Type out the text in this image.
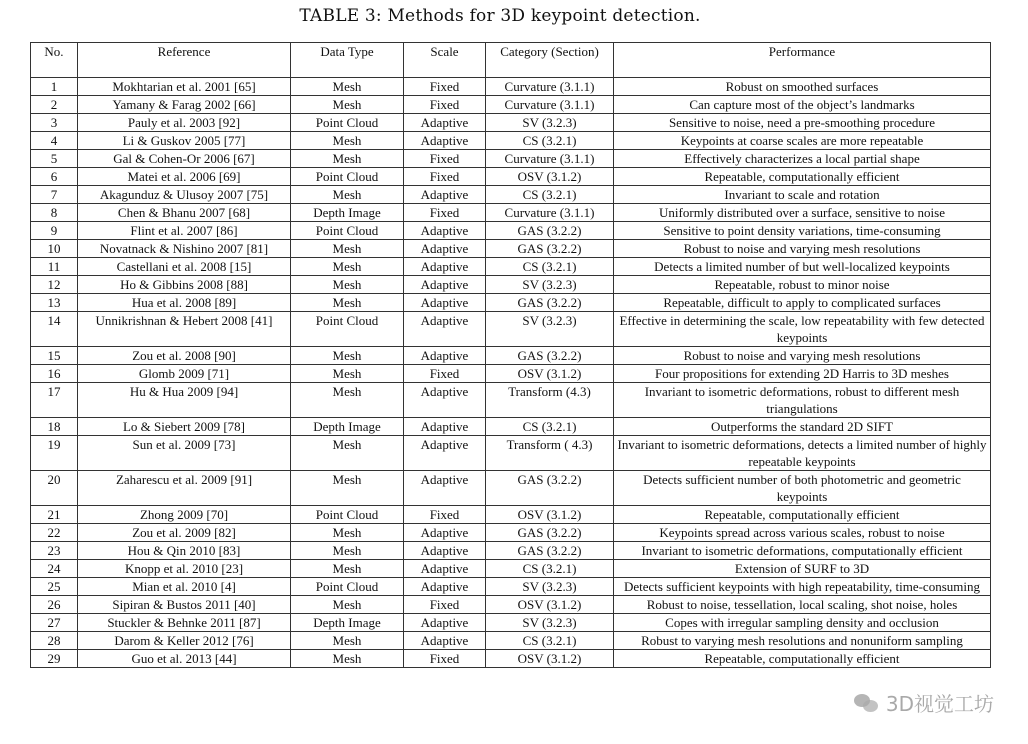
TABLE 3: Methods for 3D keypoint detection.
No.	Reference	Data Type	Scale	Category (Section)	Performance
1	Mokhtarian et al. 2001 [65]	Mesh	Fixed	Curvature (3.1.1)	Robust on smoothed surfaces
2	Yamany & Farag 2002 [66]	Mesh	Fixed	Curvature (3.1.1)	Can capture most of the object’s landmarks
3	Pauly et al. 2003 [92]	Point Cloud	Adaptive	SV (3.2.3)	Sensitive to noise, need a pre-smoothing procedure
4	Li & Guskov 2005 [77]	Mesh	Adaptive	CS (3.2.1)	Keypoints at coarse scales are more repeatable
5	Gal & Cohen-Or 2006 [67]	Mesh	Fixed	Curvature (3.1.1)	Effectively characterizes a local partial shape
6	Matei et al. 2006 [69]	Point Cloud	Fixed	OSV (3.1.2)	Repeatable, computationally efficient
7	Akagunduz & Ulusoy 2007 [75]	Mesh	Adaptive	CS (3.2.1)	Invariant to scale and rotation
8	Chen & Bhanu 2007 [68]	Depth Image	Fixed	Curvature (3.1.1)	Uniformly distributed over a surface, sensitive to noise
9	Flint et al. 2007 [86]	Point Cloud	Adaptive	GAS (3.2.2)	Sensitive to point density variations, time-consuming
10	Novatnack & Nishino 2007 [81]	Mesh	Adaptive	GAS (3.2.2)	Robust to noise and varying mesh resolutions
11	Castellani et al. 2008 [15]	Mesh	Adaptive	CS (3.2.1)	Detects a limited number of but well-localized keypoints
12	Ho & Gibbins 2008 [88]	Mesh	Adaptive	SV (3.2.3)	Repeatable, robust to minor noise
13	Hua et al. 2008 [89]	Mesh	Adaptive	GAS (3.2.2)	Repeatable, difficult to apply to complicated surfaces
14	Unnikrishnan & Hebert 2008 [41]	Point Cloud	Adaptive	SV (3.2.3)	Effective in determining the scale, low repeatability with few detected keypoints
15	Zou et al. 2008 [90]	Mesh	Adaptive	GAS (3.2.2)	Robust to noise and varying mesh resolutions
16	Glomb 2009 [71]	Mesh	Fixed	OSV (3.1.2)	Four propositions for extending 2D Harris to 3D meshes
17	Hu & Hua 2009 [94]	Mesh	Adaptive	Transform (4.3)	Invariant to isometric deformations, robust to different mesh triangulations
18	Lo & Siebert 2009 [78]	Depth Image	Adaptive	CS (3.2.1)	Outperforms the standard 2D SIFT
19	Sun et al. 2009 [73]	Mesh	Adaptive	Transform ( 4.3)	Invariant to isometric deformations, detects a limited number of highly repeatable keypoints
20	Zaharescu et al. 2009 [91]	Mesh	Adaptive	GAS (3.2.2)	Detects sufficient number of both photometric and geometric keypoints
21	Zhong 2009 [70]	Point Cloud	Fixed	OSV (3.1.2)	Repeatable, computationally efficient
22	Zou et al. 2009 [82]	Mesh	Adaptive	GAS (3.2.2)	Keypoints spread across various scales, robust to noise
23	Hou & Qin 2010 [83]	Mesh	Adaptive	GAS (3.2.2)	Invariant to isometric deformations, computationally efficient
24	Knopp et al. 2010 [23]	Mesh	Adaptive	CS (3.2.1)	Extension of SURF to 3D
25	Mian et al. 2010 [4]	Point Cloud	Adaptive	SV (3.2.3)	Detects sufficient keypoints with high repeatability, time-consuming
26	Sipiran & Bustos 2011 [40]	Mesh	Fixed	OSV (3.1.2)	Robust to noise, tessellation, local scaling, shot noise, holes
27	Stuckler & Behnke 2011 [87]	Depth Image	Adaptive	SV (3.2.3)	Copes with irregular sampling density and occlusion
28	Darom & Keller 2012 [76]	Mesh	Adaptive	CS (3.2.1)	Robust to varying mesh resolutions and nonuniform sampling
29	Guo et al. 2013 [44]	Mesh	Fixed	OSV (3.1.2)	Repeatable, computationally efficient
3D视觉工坊
